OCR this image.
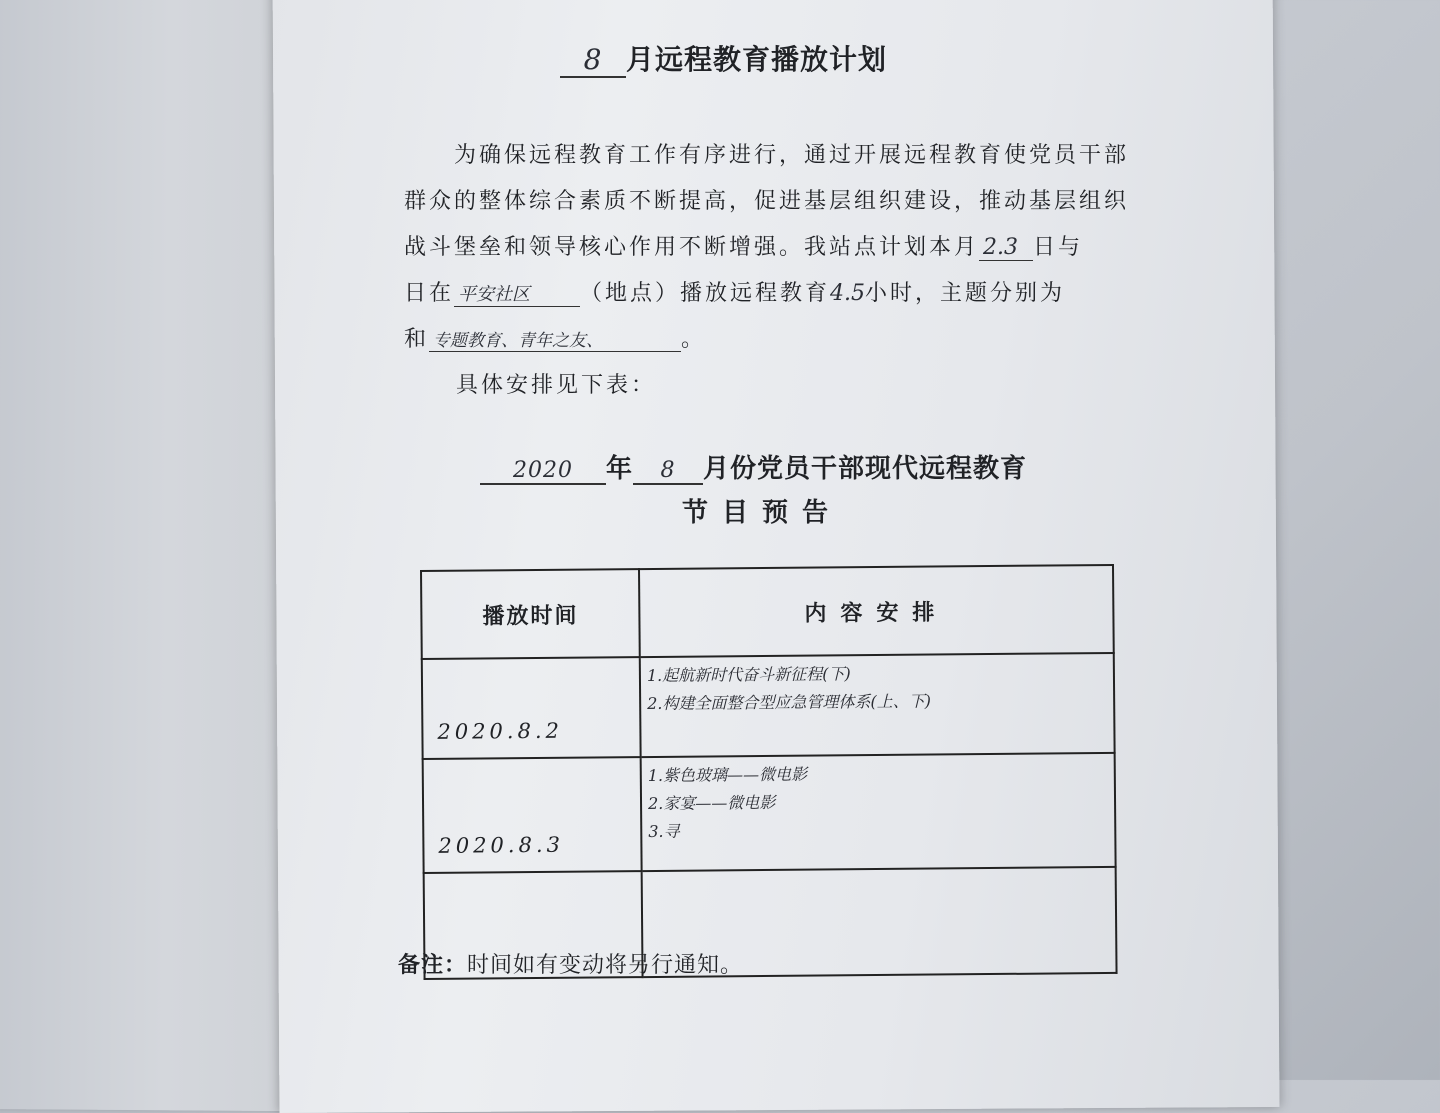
8 月远程教育播放计划
为确保远程教育工作有序进行，通过开展远程教育使党员干部
群众的整体综合素质不断提高，促进基层组织建设，推动基层组织
战斗堡垒和领导核心作用不断增强。我站点计划本月 2.3 日与
日在 平安社区 （地点）播放远程教育4.5小时，主题分别为
和 专题教育、青年之友、	。
具体安排见下表：
2020 年 8 月份党员干部现代远程教育
节目预告
播放时间	内容安排
2020.8.2	1.起航新时代奋斗新征程(下)
2.构建全面整合型应急管理体系(上、下)

2020.8.3	1.紫色玻璃——微电影
2.家宴——微电影
3.寻

备注：时间如有变动将另行通知。
